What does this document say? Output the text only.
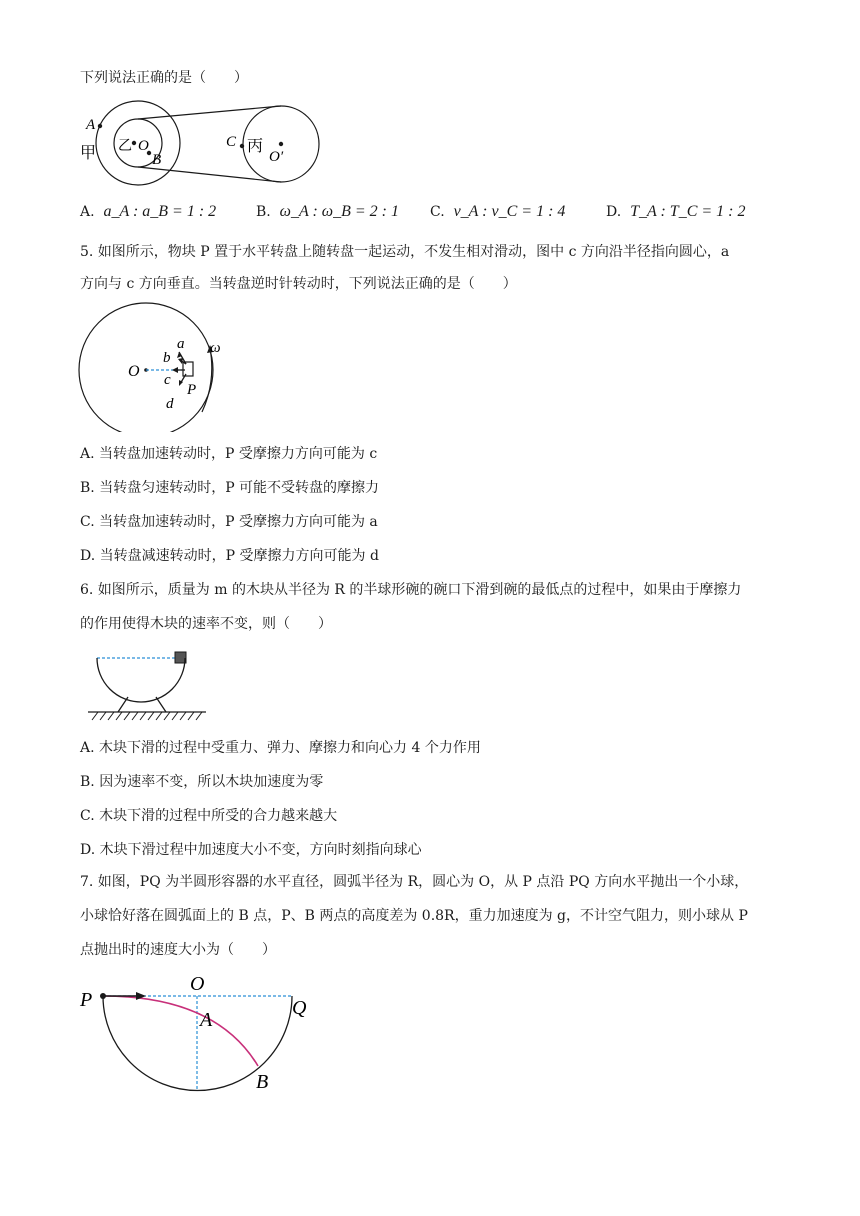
下列说法正确的是（　　）
A
甲 乙 O
B
C 丙
O′
A. a_A : a_B = 1 : 2	B. ω_A : ω_B = 2 : 1 C. v_A : v_C = 1 : 4	D. T_A : T_C = 1 : 2
5. 如图所示，物块 P 置于水平转盘上随转盘一起运动，不发生相对滑动，图中 c 方向沿半径指向圆心，a
方向与 c 方向垂直。当转盘逆时针转动时，下列说法正确的是（　　）
O
a
b
c
d
P
ω
A. 当转盘加速转动时，P 受摩擦力方向可能为 c
B. 当转盘匀速转动时，P 可能不受转盘的摩擦力
C. 当转盘加速转动时，P 受摩擦力方向可能为 a
D. 当转盘减速转动时，P 受摩擦力方向可能为 d
6. 如图所示，质量为 m 的木块从半径为 R 的半球形碗的碗口下滑到碗的最低点的过程中，如果由于摩擦力
的作用使得木块的速率不变，则（　　）
A. 木块下滑的过程中受重力、弹力、摩擦力和向心力 4 个力作用
B. 因为速率不变，所以木块加速度为零
C. 木块下滑的过程中所受的合力越来越大
D. 木块下滑过程中加速度大小不变，方向时刻指向球心
7. 如图，PQ 为半圆形容器的水平直径，圆弧半径为 R，圆心为 O，从 P 点沿 PQ 方向水平抛出一个小球，
小球恰好落在圆弧面上的 B 点，P、B 两点的高度差为 0.8R，重力加速度为 g，不计空气阻力，则小球从 P
点抛出时的速度大小为（　　）
P
O
Q
A
B
